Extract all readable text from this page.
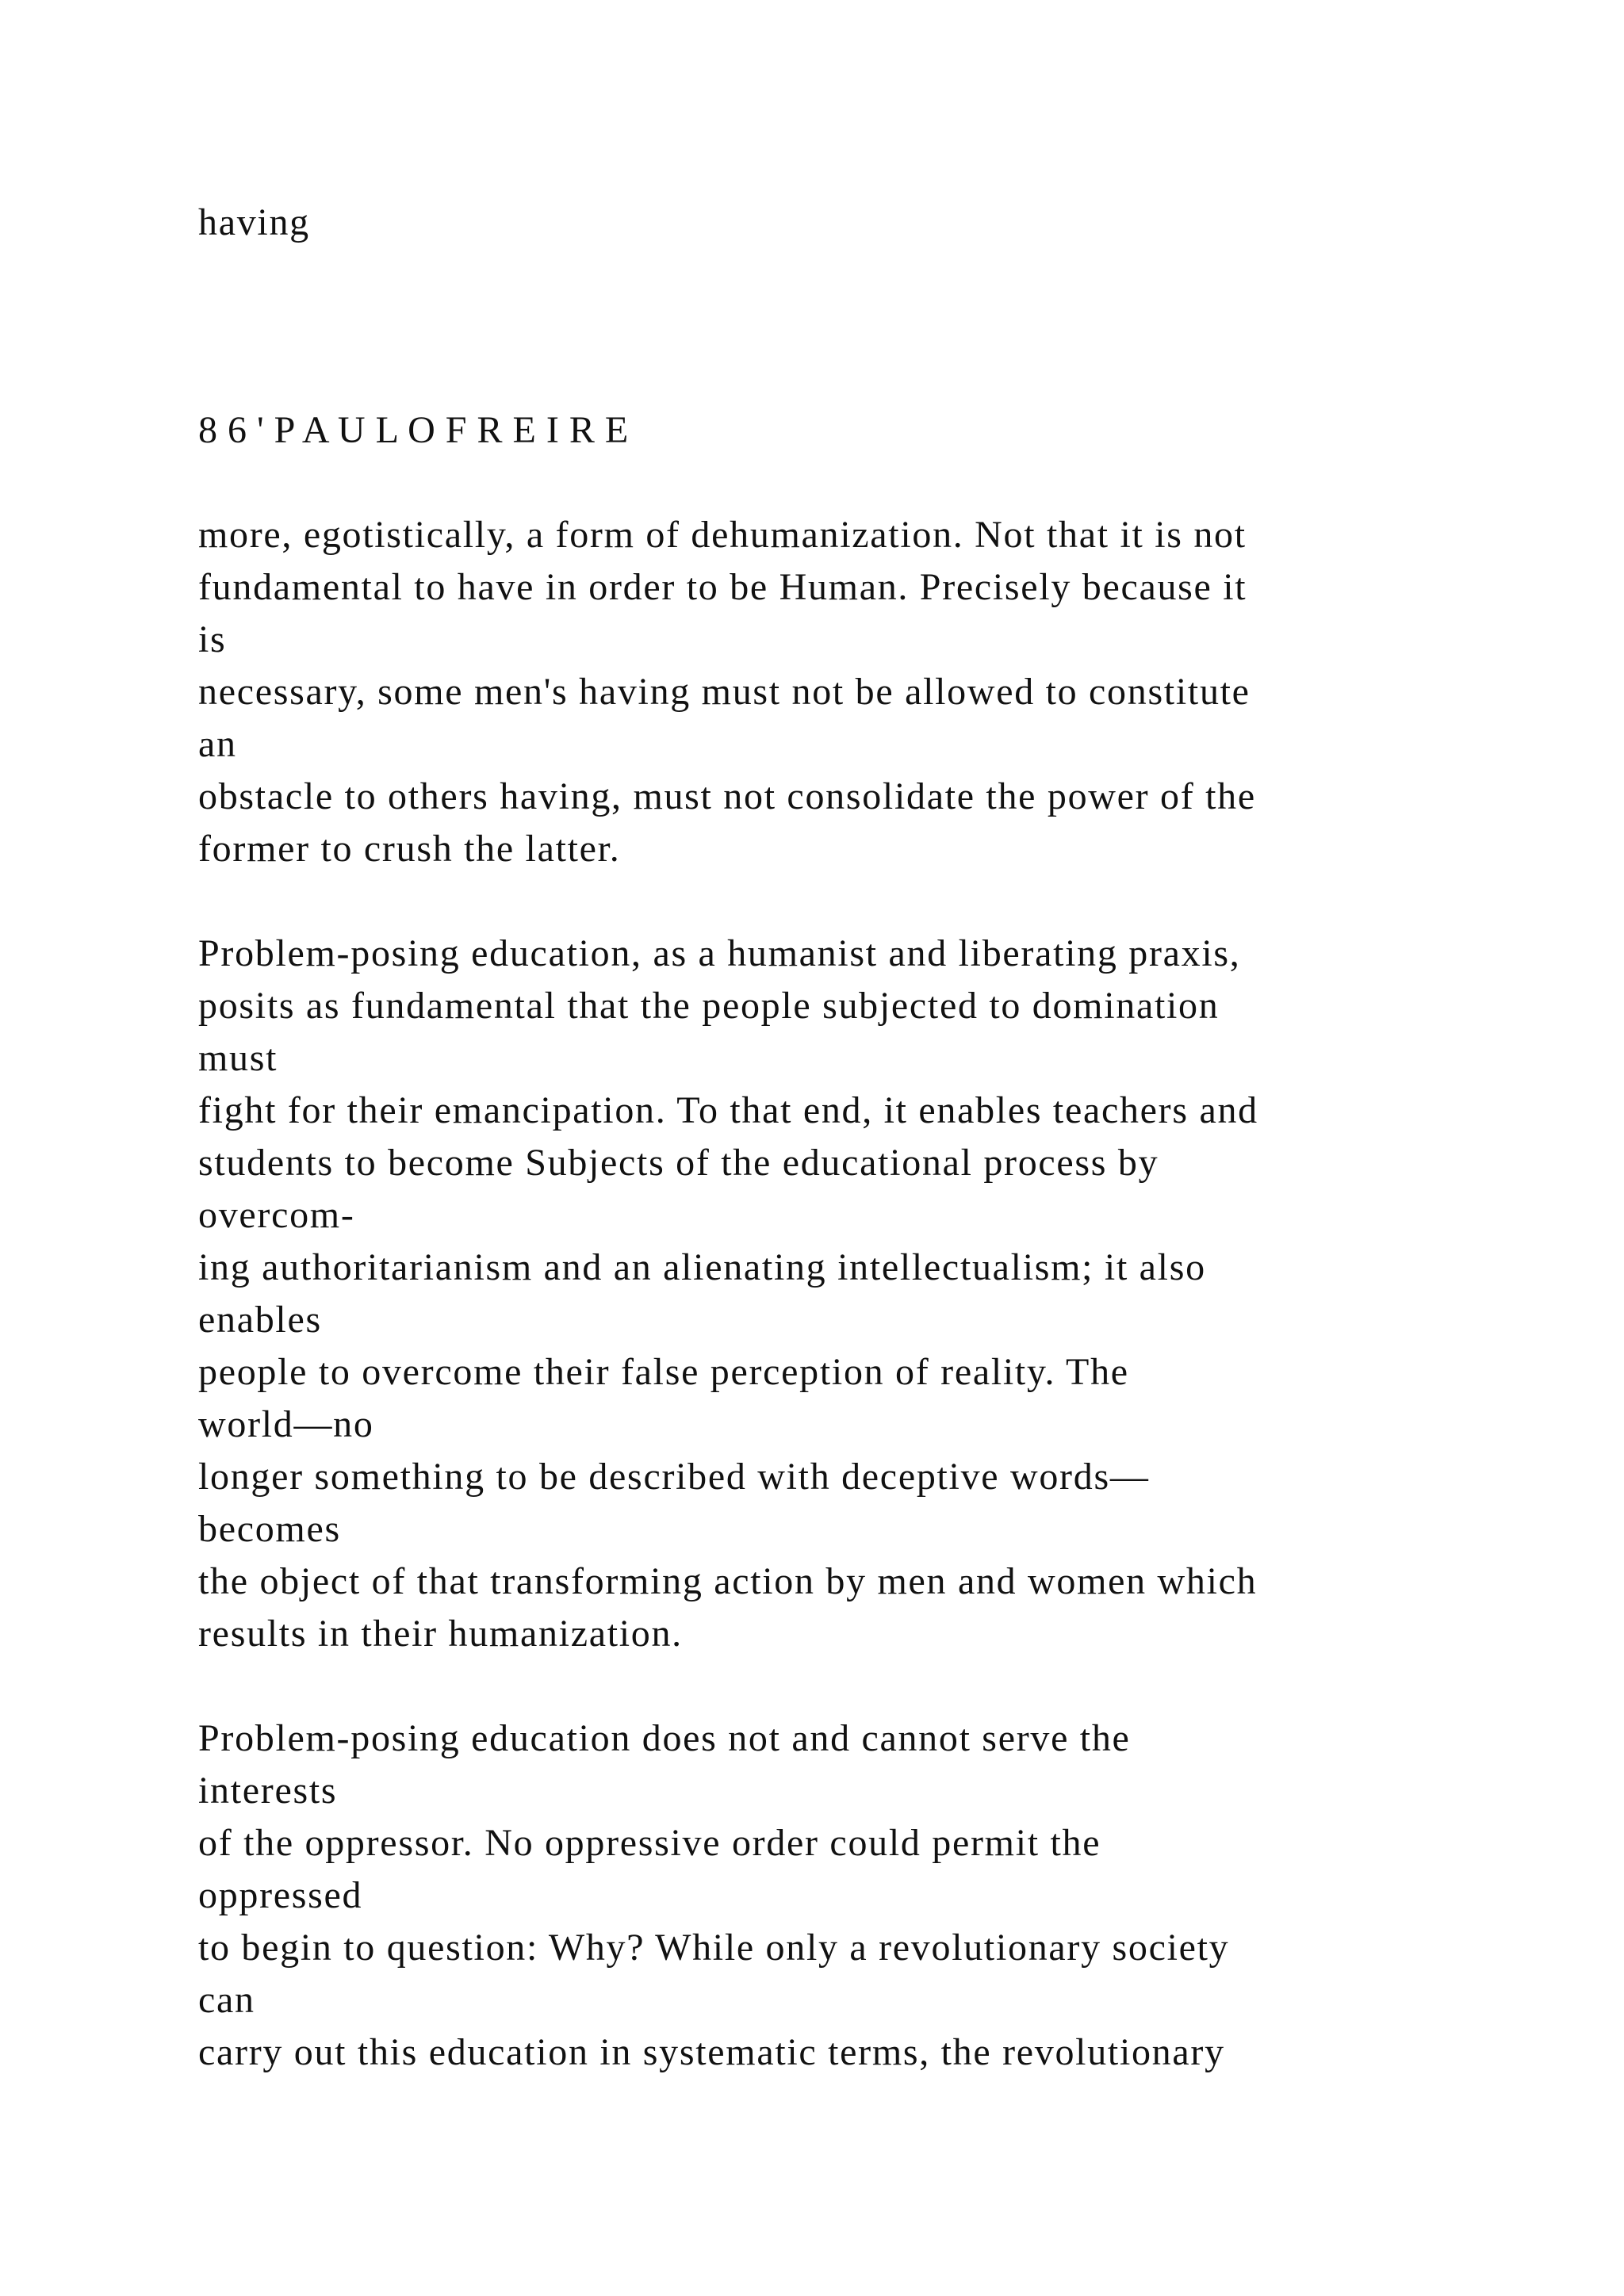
having
8 6 ' P A U L O F R E I R E
more, egotistically, a form of dehumanization. Not that it is not
fundamental to have in order to be Human. Precisely because it
is
necessary, some men's having must not be allowed to constitute
an
obstacle to others having, must not consolidate the power of the
former to crush the latter.
Problem-posing education, as a humanist and liberating praxis,
posits as fundamental that the people subjected to domination
must
fight for their emancipation. To that end, it enables teachers and
students to become Subjects of the educational process by
overcom-
ing authoritarianism and an alienating intellectualism; it also
enables
people to overcome their false perception of reality. The
world—no
longer something to be described with deceptive words—
becomes
the object of that transforming action by men and women which
results in their humanization.
Problem-posing education does not and cannot serve the
interests
of the oppressor. No oppressive order could permit the
oppressed
to begin to question: Why? While only a revolutionary society
can
carry out this education in systematic terms, the revolutionary
